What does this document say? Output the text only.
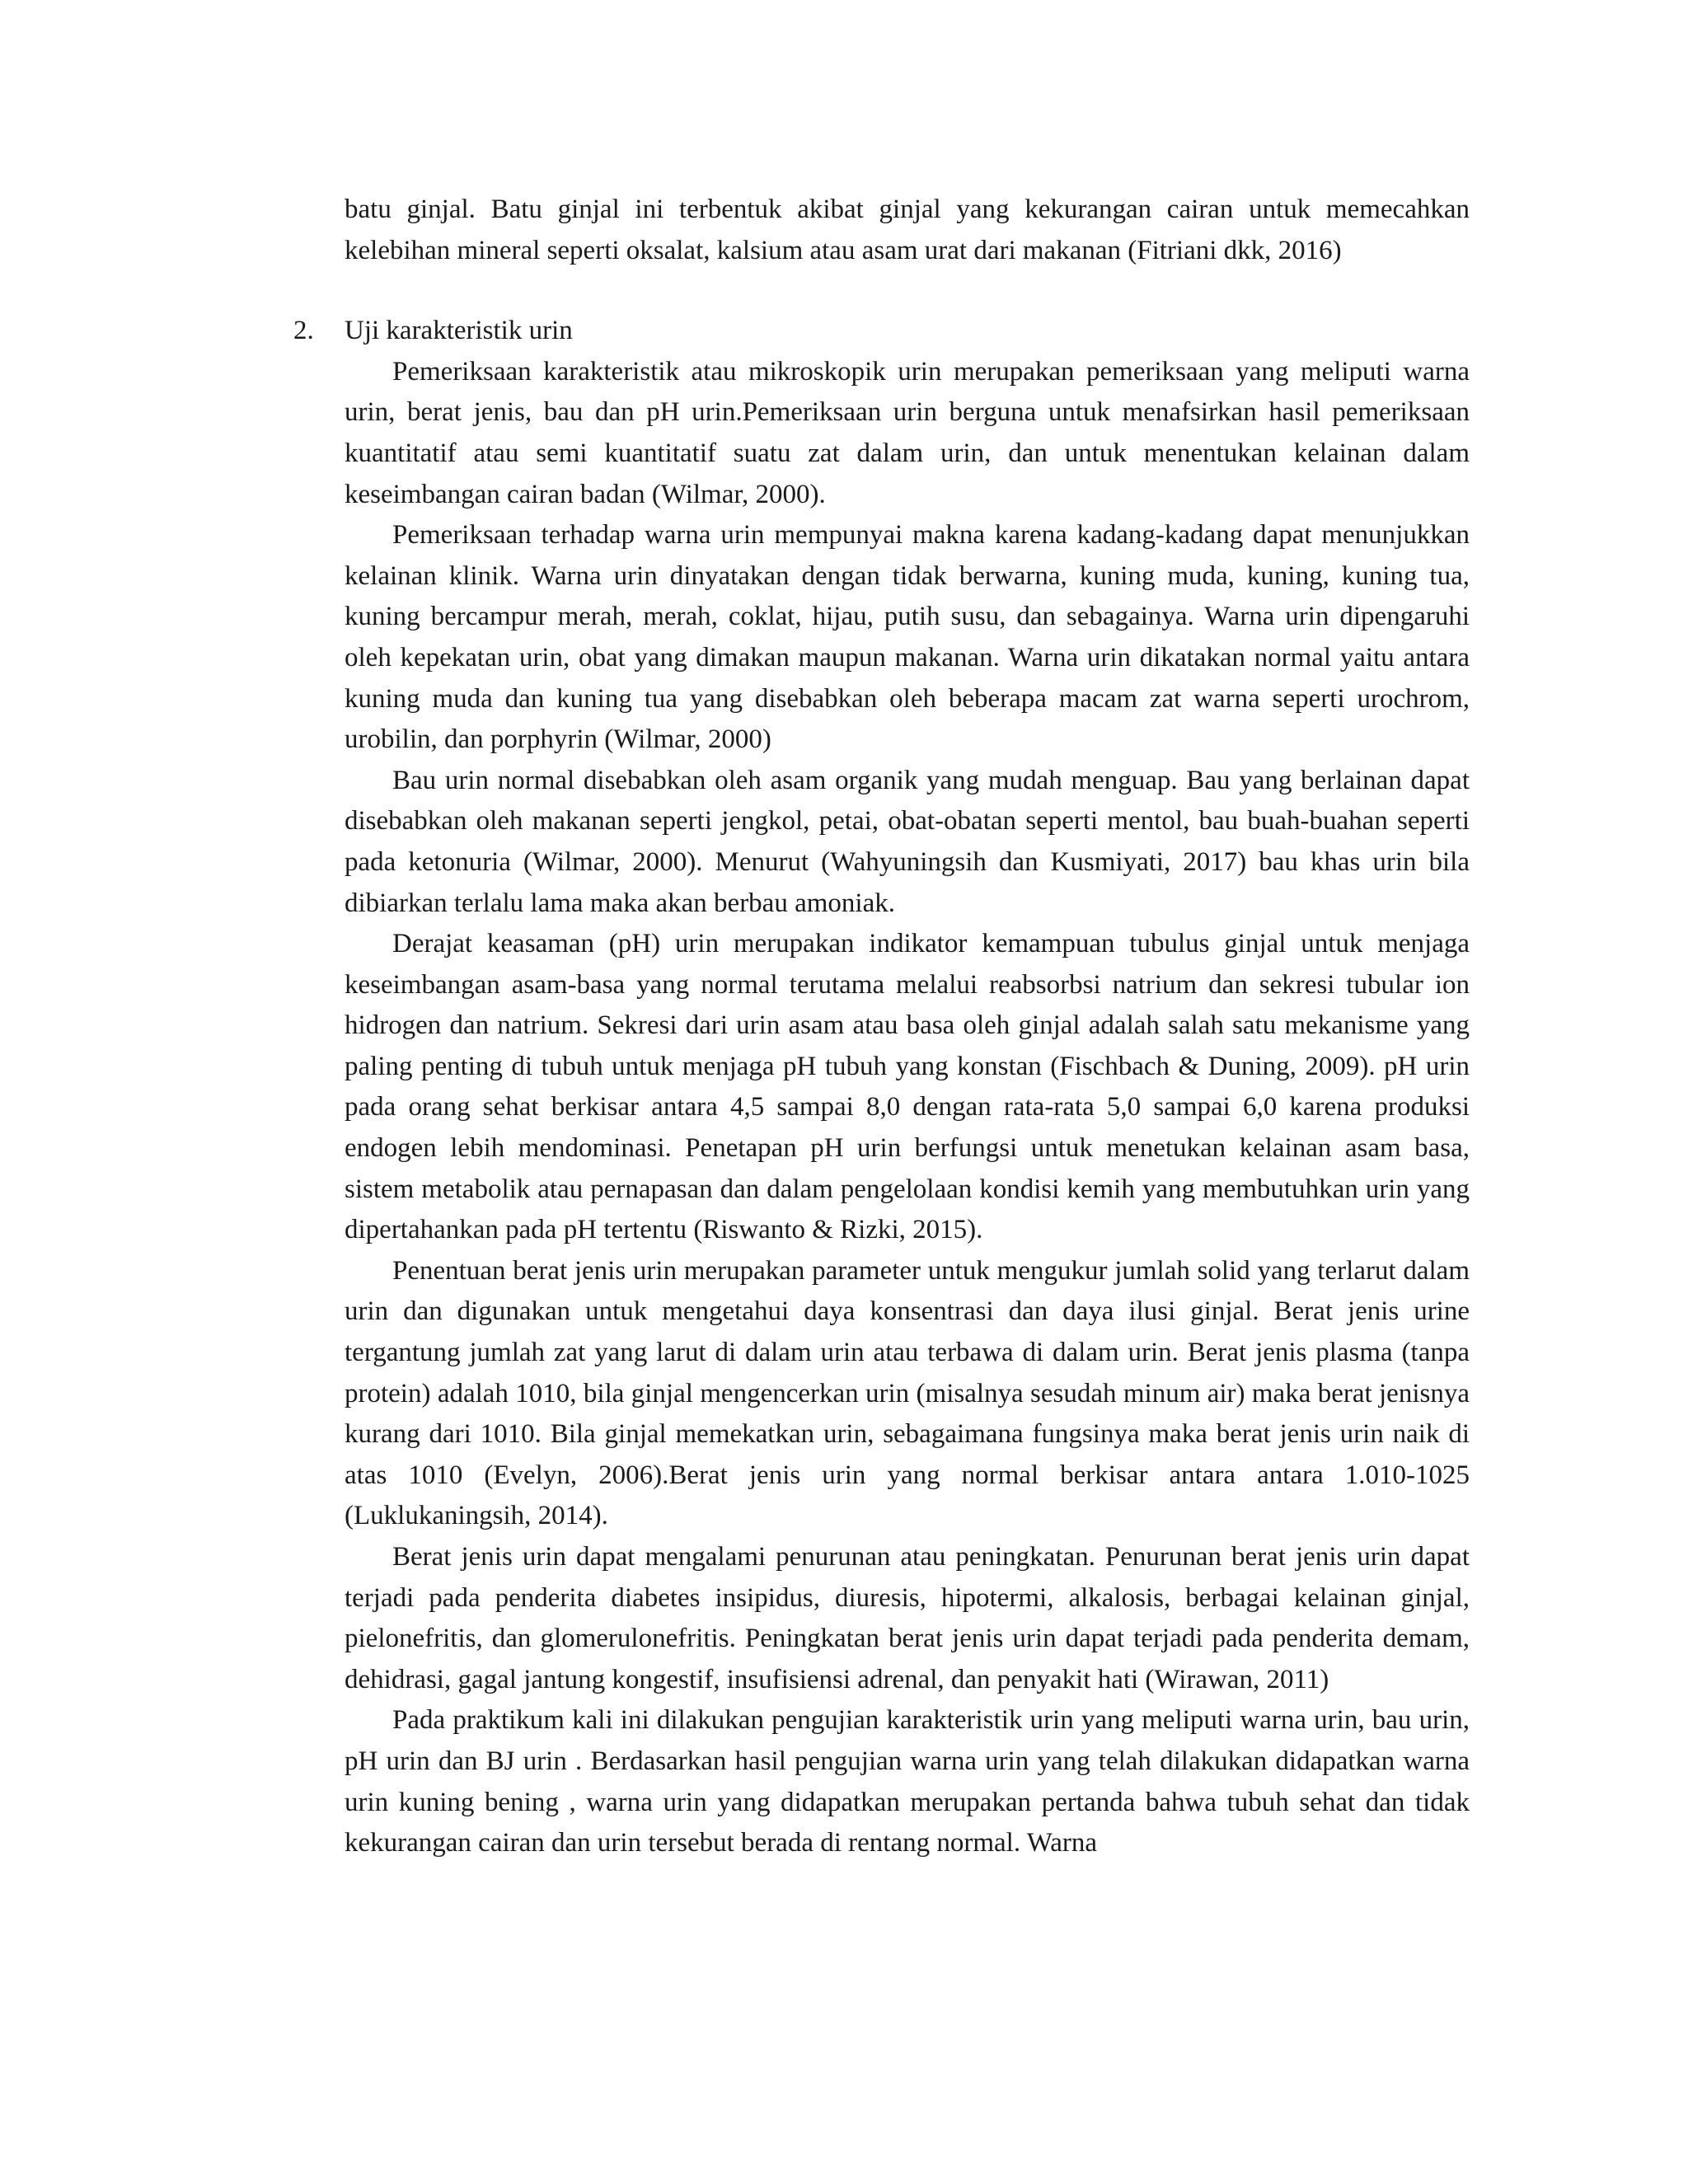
batu ginjal. Batu ginjal ini terbentuk akibat ginjal yang kekurangan cairan untuk memecahkan kelebihan mineral seperti oksalat, kalsium atau asam urat dari makanan (Fitriani dkk, 2016)

2. Uji karakteristik urin

Pemeriksaan karakteristik atau mikroskopik urin merupakan pemeriksaan yang meliputi warna urin, berat jenis, bau dan pH urin.Pemeriksaan urin berguna untuk menafsirkan hasil pemeriksaan kuantitatif atau semi kuantitatif suatu zat dalam urin, dan untuk menentukan kelainan dalam keseimbangan cairan badan (Wilmar, 2000).

Pemeriksaan terhadap warna urin mempunyai makna karena kadang-kadang dapat menunjukkan kelainan klinik. Warna urin dinyatakan dengan tidak berwarna, kuning muda, kuning, kuning tua, kuning bercampur merah, merah, coklat, hijau, putih susu, dan sebagainya. Warna urin dipengaruhi oleh kepekatan urin, obat yang dimakan maupun makanan. Warna urin dikatakan normal yaitu antara kuning muda dan kuning tua yang disebabkan oleh beberapa macam zat warna seperti urochrom, urobilin, dan porphyrin (Wilmar, 2000)

Bau urin normal disebabkan oleh asam organik yang mudah menguap. Bau yang berlainan dapat disebabkan oleh makanan seperti jengkol, petai, obat-obatan seperti mentol, bau buah-buahan seperti pada ketonuria (Wilmar, 2000). Menurut (Wahyuningsih dan Kusmiyati, 2017) bau khas urin bila dibiarkan terlalu lama maka akan berbau amoniak.

Derajat keasaman (pH) urin merupakan indikator kemampuan tubulus ginjal untuk menjaga keseimbangan asam-basa yang normal terutama melalui reabsorbsi natrium dan sekresi tubular ion hidrogen dan natrium. Sekresi dari urin asam atau basa oleh ginjal adalah salah satu mekanisme yang paling penting di tubuh untuk menjaga pH tubuh yang konstan (Fischbach & Duning, 2009). pH urin pada orang sehat berkisar antara 4,5 sampai 8,0 dengan rata-rata 5,0 sampai 6,0 karena produksi endogen lebih mendominasi. Penetapan pH urin berfungsi untuk menetukan kelainan asam basa, sistem metabolik atau pernapasan dan dalam pengelolaan kondisi kemih yang membutuhkan urin yang dipertahankan pada pH tertentu (Riswanto & Rizki, 2015).

Penentuan berat jenis urin merupakan parameter untuk mengukur jumlah solid yang terlarut dalam urin dan digunakan untuk mengetahui daya konsentrasi dan daya ilusi ginjal. Berat jenis urine tergantung jumlah zat yang larut di dalam urin atau terbawa di dalam urin. Berat jenis plasma (tanpa protein) adalah 1010, bila ginjal mengencerkan urin (misalnya sesudah minum air) maka berat jenisnya kurang dari 1010. Bila ginjal memekatkan urin, sebagaimana fungsinya maka berat jenis urin naik di atas 1010 (Evelyn, 2006).Berat jenis urin yang normal berkisar antara antara 1.010-1025 (Luklukaningsih, 2014).

Berat jenis urin dapat mengalami penurunan atau peningkatan. Penurunan berat jenis urin dapat terjadi pada penderita diabetes insipidus, diuresis, hipotermi, alkalosis, berbagai kelainan ginjal, pielonefritis, dan glomerulonefritis. Peningkatan berat jenis urin dapat terjadi pada penderita demam, dehidrasi, gagal jantung kongestif, insufisiensi adrenal, dan penyakit hati (Wirawan, 2011)

Pada praktikum kali ini dilakukan pengujian karakteristik urin yang meliputi warna urin, bau urin, pH urin dan BJ urin . Berdasarkan hasil pengujian warna urin yang telah dilakukan didapatkan warna urin kuning bening , warna urin yang didapatkan merupakan pertanda bahwa tubuh sehat dan tidak kekurangan cairan dan urin tersebut berada di rentang normal. Warna
